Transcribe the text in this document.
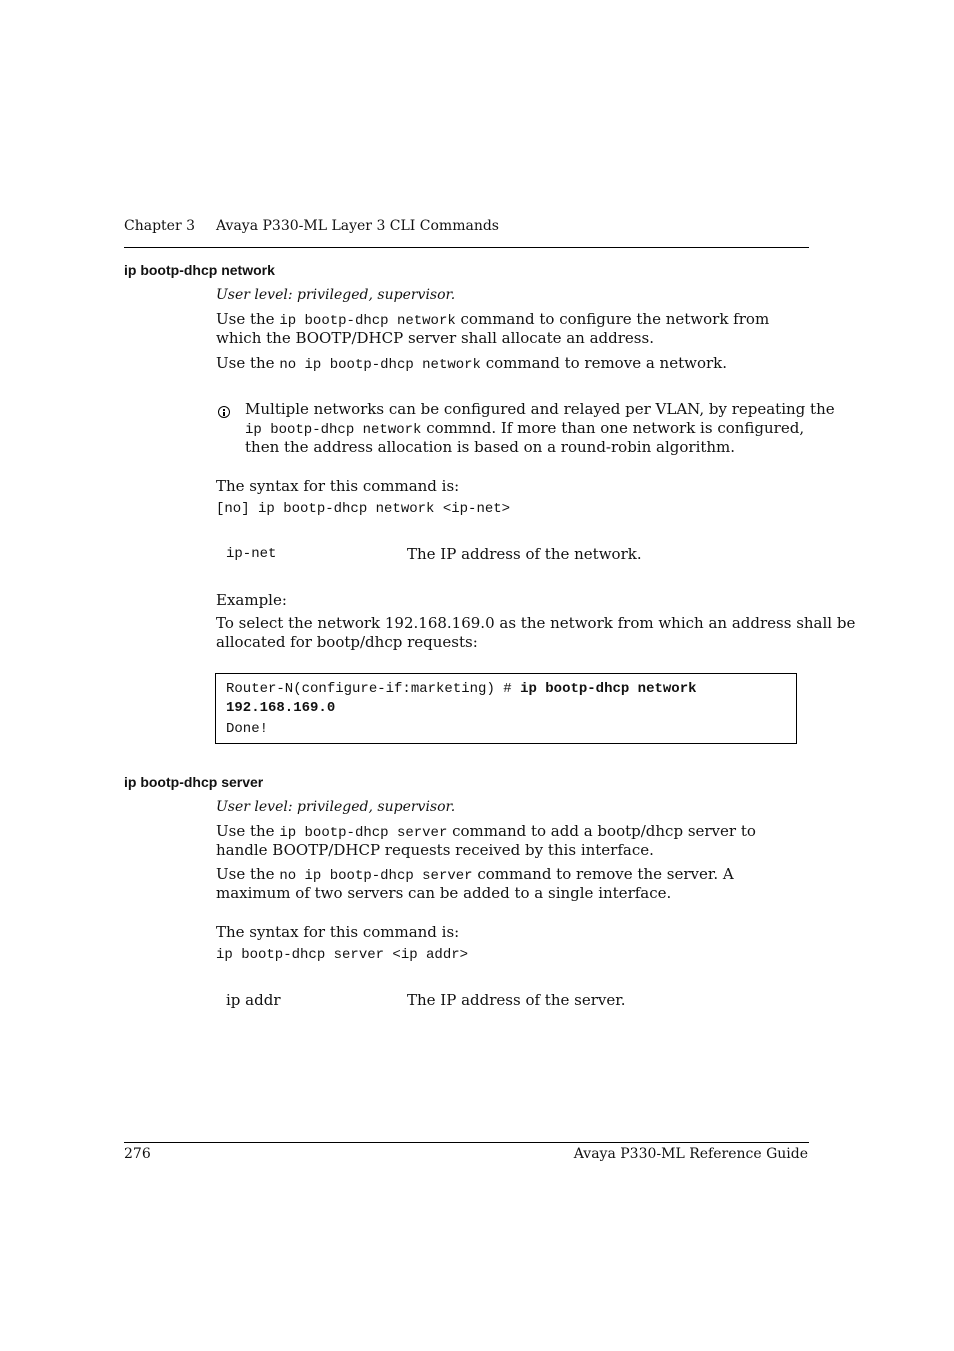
Chapter 3 Avaya P330-ML Layer 3 CLI Commands
ip bootp-dhcp network
User level: privileged, supervisor.
Use the ip bootp-dhcp network command to configure the network from
which the BOOTP/DHCP server shall allocate an address.
Use the no ip bootp-dhcp network command to remove a network.
Multiple networks can be configured and relayed per VLAN, by repeating the
ip bootp-dhcp network commnd. If more than one network is configured,
then the address allocation is based on a round-robin algorithm.
The syntax for this command is:
[no] ip bootp-dhcp network <ip-net>
ip-net	The IP address of the network.
Example:
To select the network 192.168.169.0 as the network from which an address shall be
allocated for bootp/dhcp requests:
Router-N(configure-if:marketing) # ip bootp-dhcp network
192.168.169.0
Done!
ip bootp-dhcp server
User level: privileged, supervisor.
Use the ip bootp-dhcp server command to add a bootp/dhcp server to
handle BOOTP/DHCP requests received by this interface.
Use the no ip bootp-dhcp server command to remove the server. A
maximum of two servers can be added to a single interface.
The syntax for this command is:
ip bootp-dhcp server <ip addr>
ip addr	The IP address of the server.
276	Avaya P330-ML Reference Guide
